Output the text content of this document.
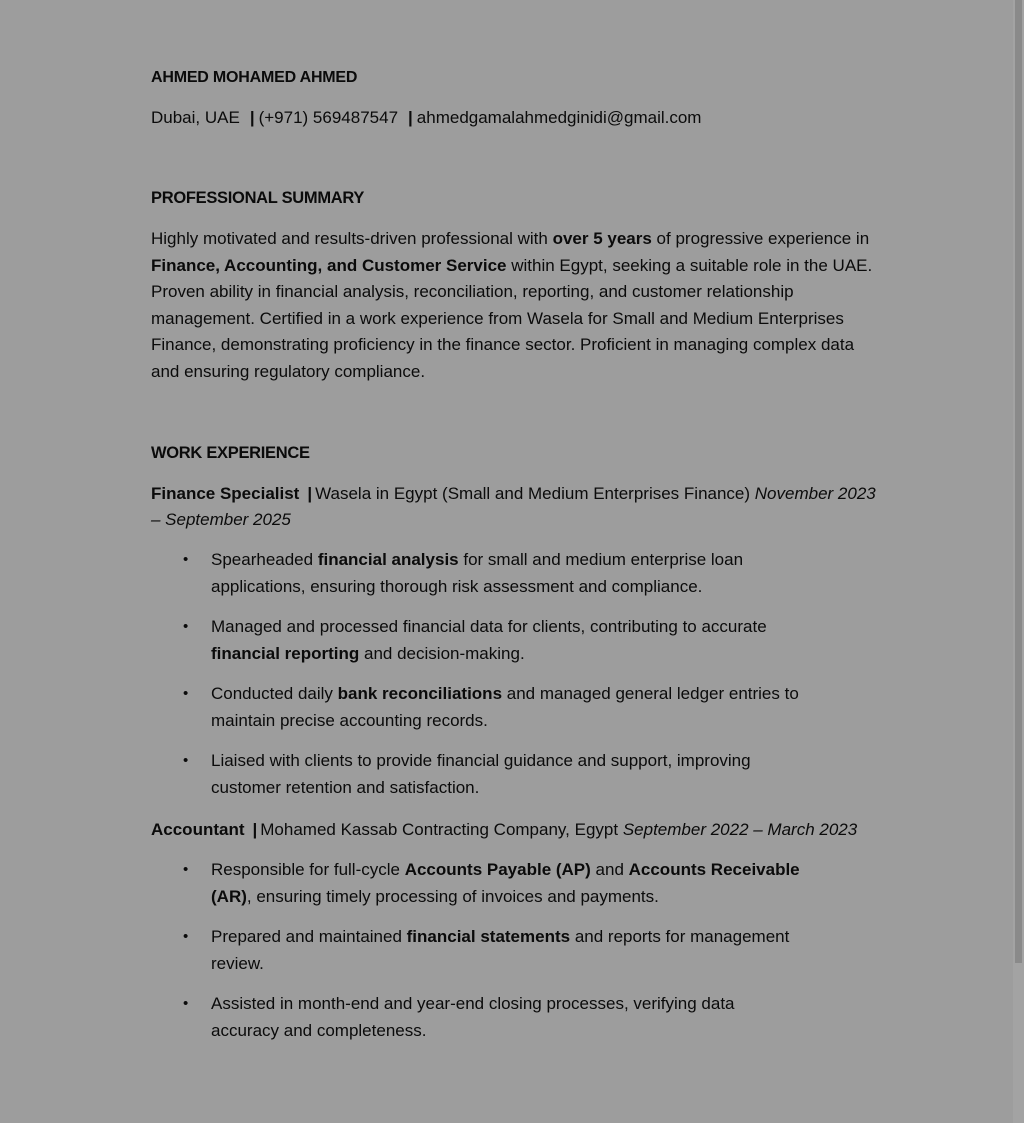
AHMED MOHAMED AHMED
Dubai, UAE | (+971) 569487547 | ahmedgamalahmedginidi@gmail.com
PROFESSIONAL SUMMARY
Highly motivated and results-driven professional with over 5 years of progressive experience in Finance, Accounting, and Customer Service within Egypt, seeking a suitable role in the UAE. Proven ability in financial analysis, reconciliation, reporting, and customer relationship management. Certified in a work experience from Wasela for Small and Medium Enterprises Finance, demonstrating proficiency in the finance sector. Proficient in managing complex data and ensuring regulatory compliance.
WORK EXPERIENCE
Finance Specialist | Wasela in Egypt (Small and Medium Enterprises Finance) November 2023 – September 2025
• Spearheaded financial analysis for small and medium enterprise loan applications, ensuring thorough risk assessment and compliance.
• Managed and processed financial data for clients, contributing to accurate financial reporting and decision-making.
• Conducted daily bank reconciliations and managed general ledger entries to maintain precise accounting records.
• Liaised with clients to provide financial guidance and support, improving customer retention and satisfaction.
Accountant | Mohamed Kassab Contracting Company, Egypt September 2022 – March 2023
• Responsible for full-cycle Accounts Payable (AP) and Accounts Receivable (AR), ensuring timely processing of invoices and payments.
• Prepared and maintained financial statements and reports for management review.
• Assisted in month-end and year-end closing processes, verifying data accuracy and completeness.
